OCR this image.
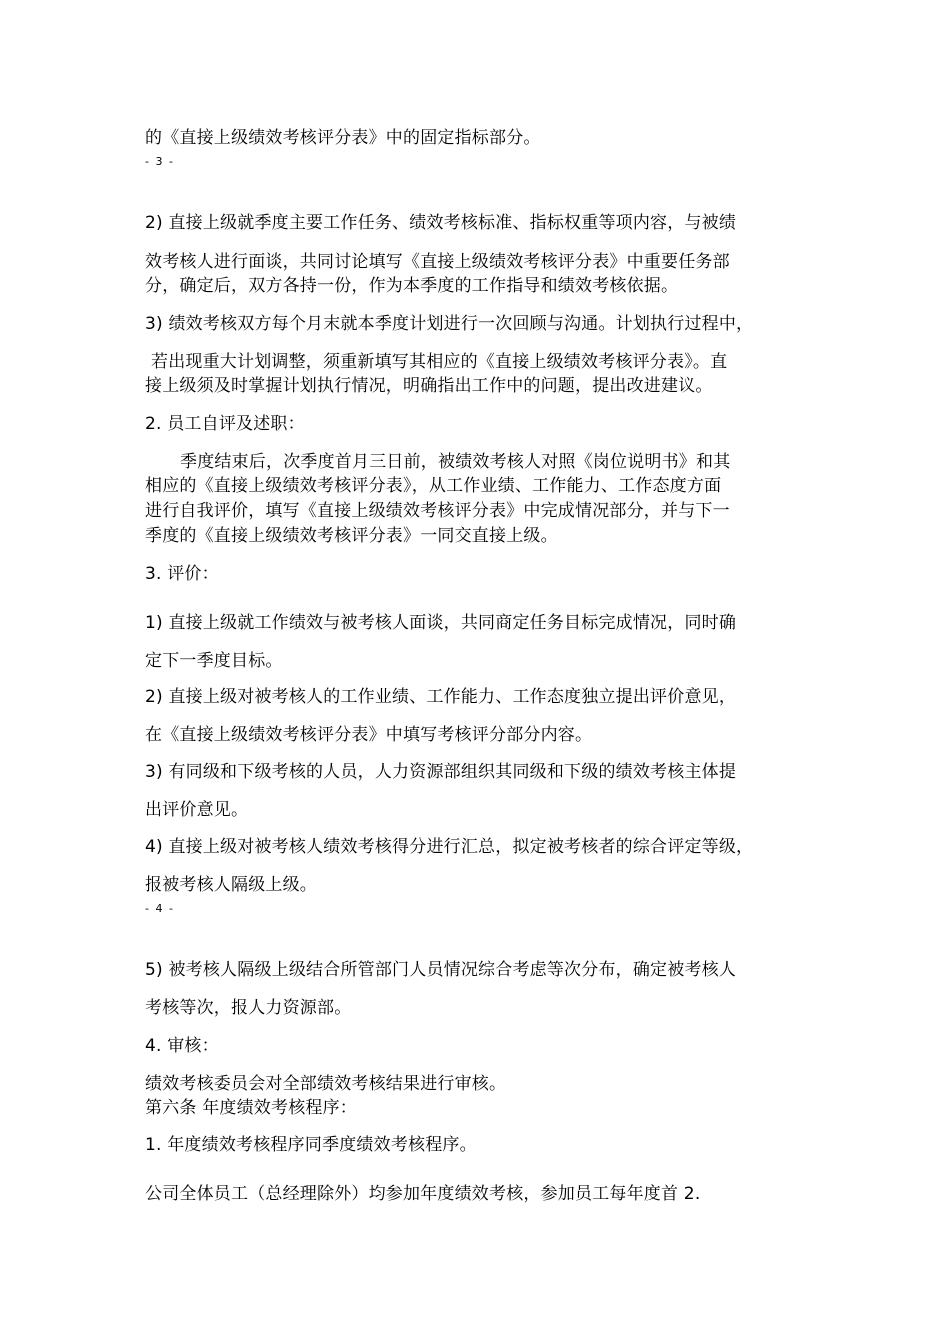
的《直接上级绩效考核评分表》中的固定指标部分。
- 3 -
2) 直接上级就季度主要工作任务、绩效考核标准、指标权重等项内容，与被绩
效考核人进行面谈，共同讨论填写《直接上级绩效考核评分表》中重要任务部
分，确定后，双方各持一份，作为本季度的工作指导和绩效考核依据。
3) 绩效考核双方每个月末就本季度计划进行一次回顾与沟通。计划执行过程中，
若出现重大计划调整，须重新填写其相应的《直接上级绩效考核评分表》。直
接上级须及时掌握计划执行情况，明确指出工作中的问题，提出改进建议。
2. 员工自评及述职：
季度结束后，次季度首月三日前，被绩效考核人对照《岗位说明书》和其
相应的《直接上级绩效考核评分表》，从工作业绩、工作能力、工作态度方面
进行自我评价，填写《直接上级绩效考核评分表》中完成情况部分，并与下一
季度的《直接上级绩效考核评分表》一同交直接上级。
3. 评价：
1) 直接上级就工作绩效与被考核人面谈，共同商定任务目标完成情况，同时确
定下一季度目标。
2) 直接上级对被考核人的工作业绩、工作能力、工作态度独立提出评价意见，
在《直接上级绩效考核评分表》中填写考核评分部分内容。
3) 有同级和下级考核的人员，人力资源部组织其同级和下级的绩效考核主体提
出评价意见。
4) 直接上级对被考核人绩效考核得分进行汇总，拟定被考核者的综合评定等级，
报被考核人隔级上级。
- 4 -
5) 被考核人隔级上级结合所管部门人员情况综合考虑等次分布，确定被考核人
考核等次，报人力资源部。
4. 审核：
绩效考核委员会对全部绩效考核结果进行审核。
第六条 年度绩效考核程序：
1. 年度绩效考核程序同季度绩效考核程序。
公司全体员工（总经理除外）均参加年度绩效考核，参加员工每年度首 2.
